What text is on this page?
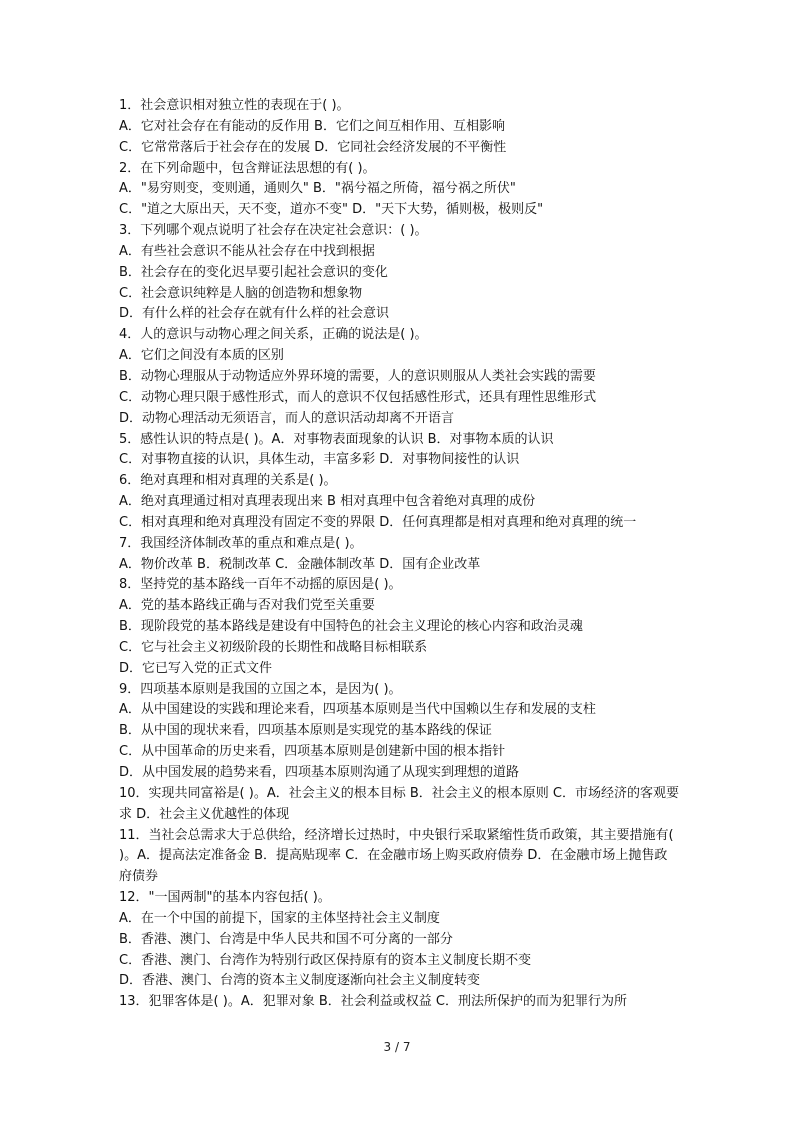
1．社会意识相对独立性的表现在于( )。
A．它对社会存在有能动的反作用 B．它们之间互相作用、互相影响
C．它常常落后于社会存在的发展 D．它同社会经济发展的不平衡性
2．在下列命题中，包含辩证法思想的有( )。
A．"易穷则变，变则通，通则久" B．"祸兮福之所倚，福兮祸之所伏"
C．"道之大原出天，天不变，道亦不变" D．"天下大势，循则极，极则反"
3．下列哪个观点说明了社会存在决定社会意识：( )。
A．有些社会意识不能从社会存在中找到根据
B．社会存在的变化迟早要引起社会意识的变化
C．社会意识纯粹是人脑的创造物和想象物
D．有什么样的社会存在就有什么样的社会意识
4．人的意识与动物心理之间关系，正确的说法是( )。
A．它们之间没有本质的区别
B．动物心理服从于动物适应外界环境的需要，人的意识则服从人类社会实践的需要
C．动物心理只限于感性形式，而人的意识不仅包括感性形式，还具有理性思维形式
D．动物心理活动无须语言，而人的意识活动却离不开语言
5．感性认识的特点是( )。A．对事物表面现象的认识 B．对事物本质的认识
C．对事物直接的认识，具体生动，丰富多彩 D．对事物间接性的认识
6．绝对真理和相对真理的关系是( )。
A．绝对真理通过相对真理表现出来 B 相对真理中包含着绝对真理的成份
C．相对真理和绝对真理没有固定不变的界限 D．任何真理都是相对真理和绝对真理的统一
7．我国经济体制改革的重点和难点是( )。
A．物价改革 B．税制改革 C．金融体制改革 D．国有企业改革
8．坚持党的基本路线一百年不动摇的原因是( )。
A．党的基本路线正确与否对我们党至关重要
B．现阶段党的基本路线是建设有中国特色的社会主义理论的核心内容和政治灵魂
C．它与社会主义初级阶段的长期性和战略目标相联系
D．它已写入党的正式文件
9．四项基本原则是我国的立国之本，是因为( )。
A．从中国建设的实践和理论来看，四项基本原则是当代中国赖以生存和发展的支柱
B．从中国的现状来看，四项基本原则是实现党的基本路线的保证
C．从中国革命的历史来看，四项基本原则是创建新中国的根本指针
D．从中国发展的趋势来看，四项基本原则沟通了从现实到理想的道路
10．实现共同富裕是( )。A．社会主义的根本目标 B．社会主义的根本原则 C．市场经济的客观要求 D．社会主义优越性的体现
11．当社会总需求大于总供给，经济增长过热时，中央银行采取紧缩性货币政策，其主要措施有( )。A．提高法定准备金 B．提高贴现率 C．在金融市场上购买政府债券 D．在金融市场上抛售政府债券
12．"一国两制"的基本内容包括( )。
A．在一个中国的前提下，国家的主体坚持社会主义制度
B．香港、澳门、台湾是中华人民共和国不可分离的一部分
C．香港、澳门、台湾作为特别行政区保持原有的资本主义制度长期不变
D．香港、澳门、台湾的资本主义制度逐渐向社会主义制度转变
13．犯罪客体是( )。A．犯罪对象 B．社会利益或权益 C．刑法所保护的而为犯罪行为所
3 / 7
